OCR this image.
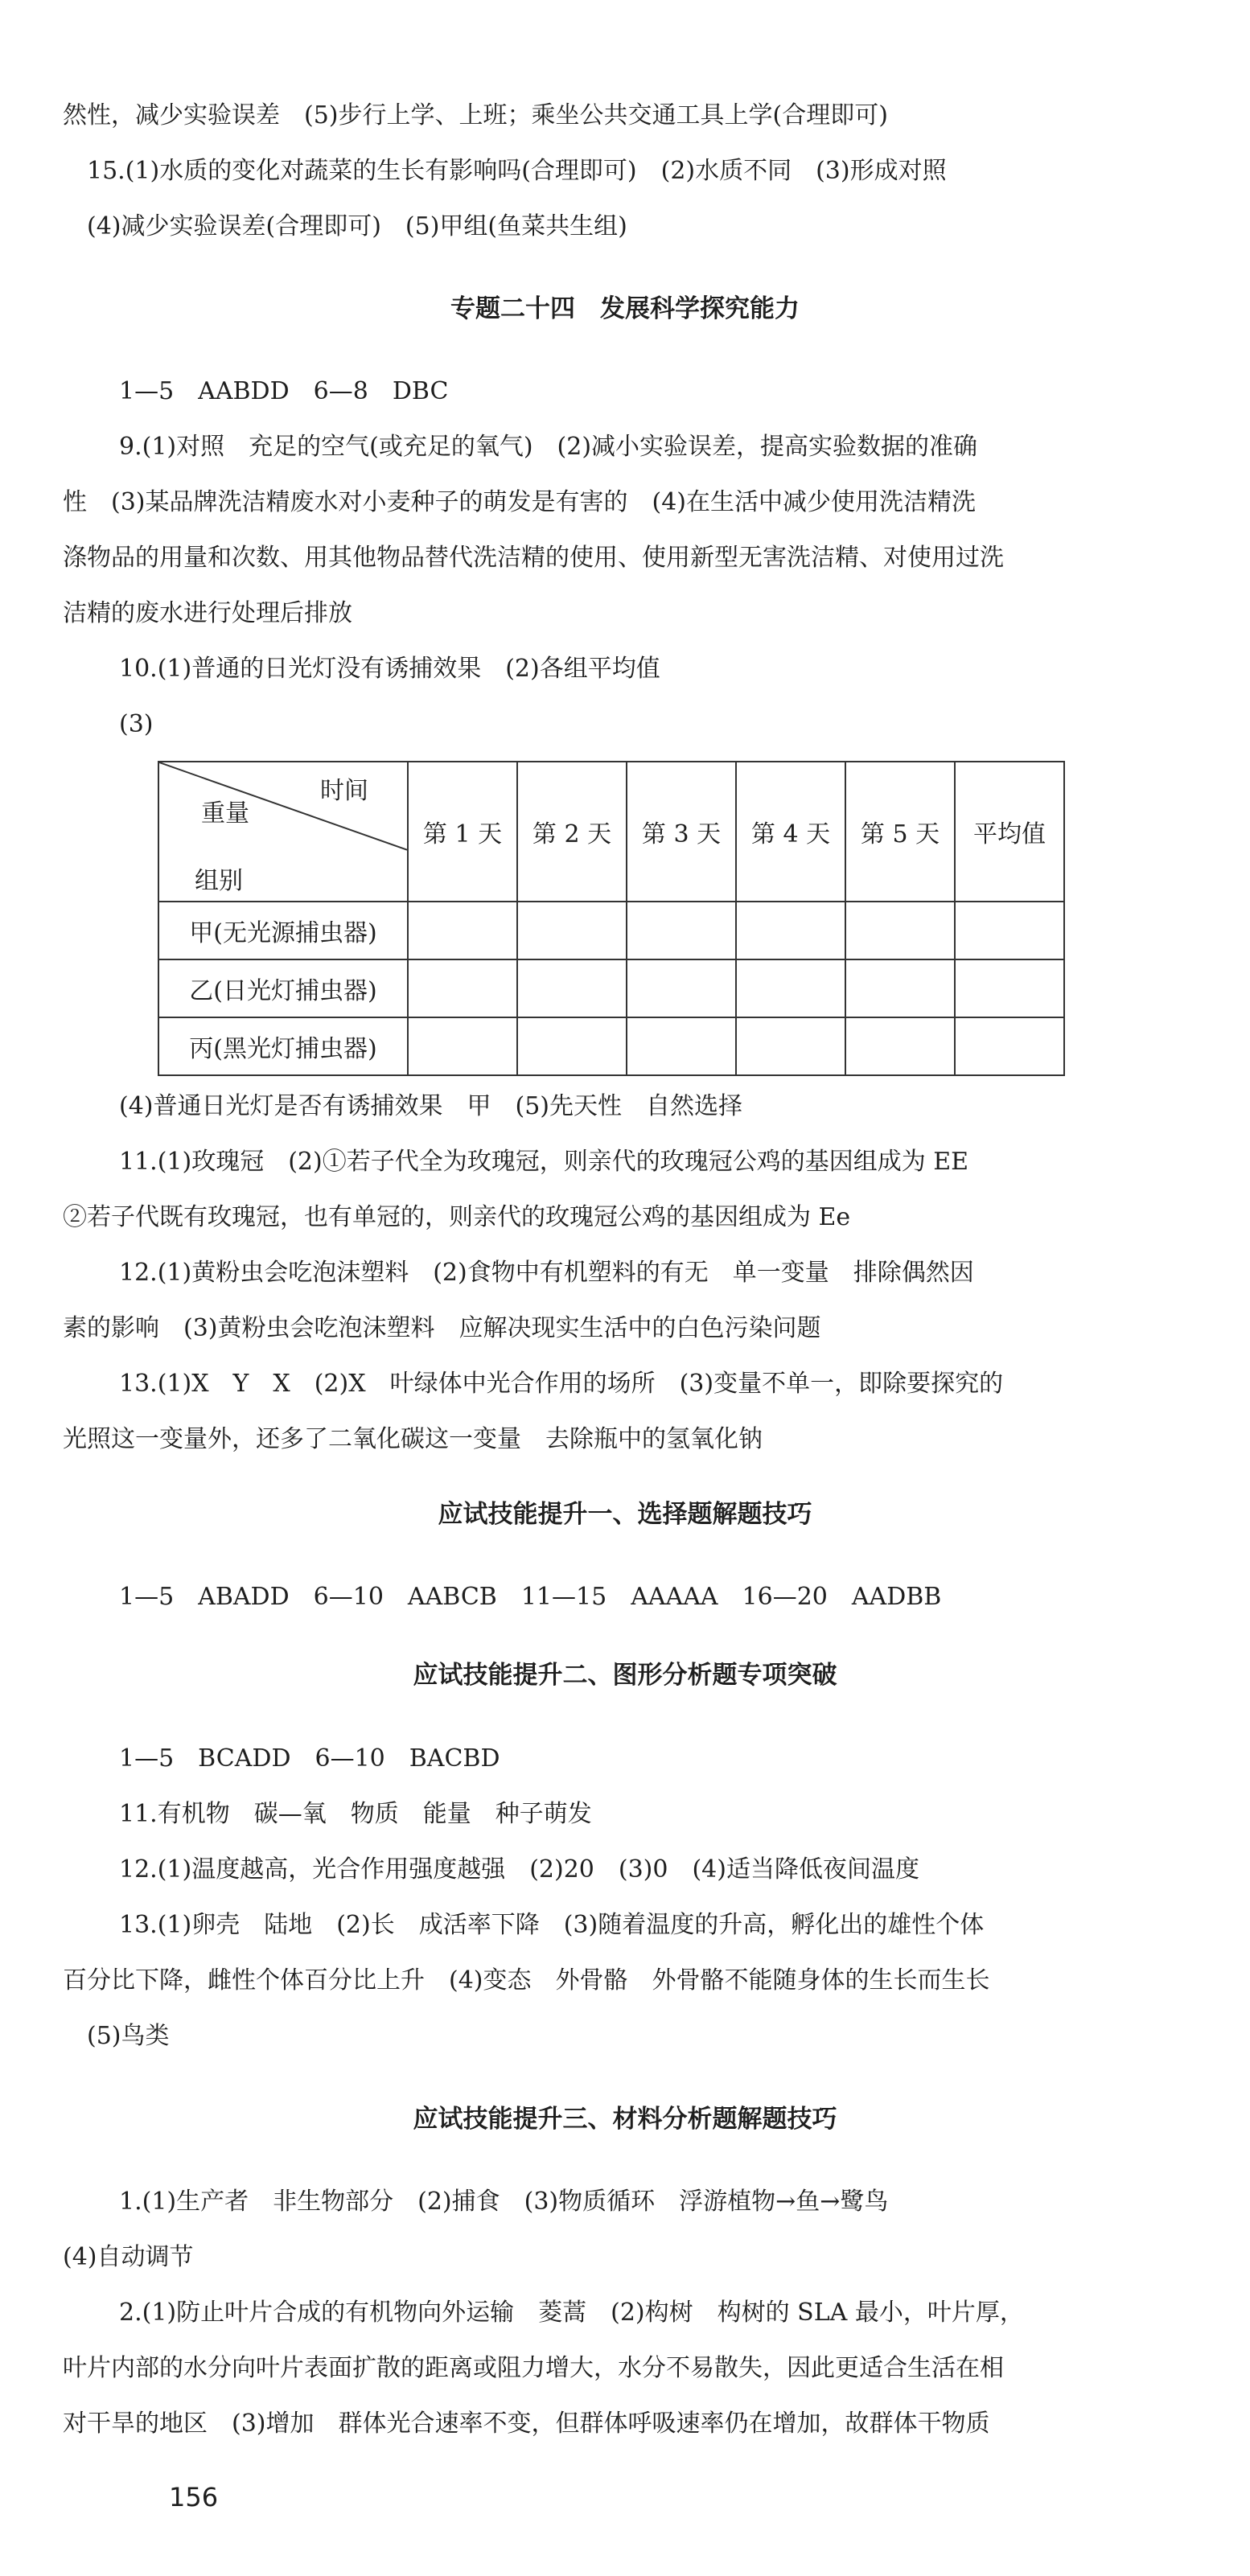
然性，减少实验误差　(5)步行上学、上班；乘坐公共交通工具上学(合理即可)
15.(1)水质的变化对蔬菜的生长有影响吗(合理即可)　(2)水质不同　(3)形成对照
(4)减少实验误差(合理即可)　(5)甲组(鱼菜共生组)
专题二十四　发展科学探究能力
1—5　AABDD　6—8　DBC
9.(1)对照　充足的空气(或充足的氧气)　(2)减小实验误差，提高实验数据的准确
性　(3)某品牌洗洁精废水对小麦种子的萌发是有害的　(4)在生活中减少使用洗洁精洗
涤物品的用量和次数、用其他物品替代洗洁精的使用、使用新型无害洗洁精、对使用过洗
洁精的废水进行处理后排放
10.(1)普通的日光灯没有诱捕效果　(2)各组平均值
(3)
时间
重量
组别	第 1 天	第 2 天	第 3 天	第 4 天	第 5 天	平均值
甲(无光源捕虫器)						
乙(日光灯捕虫器)						
丙(黑光灯捕虫器)						
(4)普通日光灯是否有诱捕效果　甲　(5)先天性　自然选择
11.(1)玫瑰冠　(2)①若子代全为玫瑰冠，则亲代的玫瑰冠公鸡的基因组成为 EE
②若子代既有玫瑰冠，也有单冠的，则亲代的玫瑰冠公鸡的基因组成为 Ee
12.(1)黄粉虫会吃泡沫塑料　(2)食物中有机塑料的有无　单一变量　排除偶然因
素的影响　(3)黄粉虫会吃泡沫塑料　应解决现实生活中的白色污染问题
13.(1)X　Y　X　(2)X　叶绿体中光合作用的场所　(3)变量不单一，即除要探究的
光照这一变量外，还多了二氧化碳这一变量　去除瓶中的氢氧化钠
应试技能提升一、选择题解题技巧
1—5　ABADD　6—10　AABCB　11—15　AAAAA　16—20　AADBB
应试技能提升二、图形分析题专项突破
1—5　BCADD　6—10　BACBD
11.有机物　碳—氧　物质　能量　种子萌发
12.(1)温度越高，光合作用强度越强　(2)20　(3)0　(4)适当降低夜间温度
13.(1)卵壳　陆地　(2)长　成活率下降　(3)随着温度的升高，孵化出的雄性个体
百分比下降，雌性个体百分比上升　(4)变态　外骨骼　外骨骼不能随身体的生长而生长
(5)鸟类
应试技能提升三、材料分析题解题技巧
1.(1)生产者　非生物部分　(2)捕食　(3)物质循环　浮游植物→鱼→鹭鸟
(4)自动调节
2.(1)防止叶片合成的有机物向外运输　菱蒿　(2)构树　构树的 SLA 最小，叶片厚，
叶片内部的水分向叶片表面扩散的距离或阻力增大，水分不易散失，因此更适合生活在相
对干旱的地区　(3)增加　群体光合速率不变，但群体呼吸速率仍在增加，故群体干物质
156
